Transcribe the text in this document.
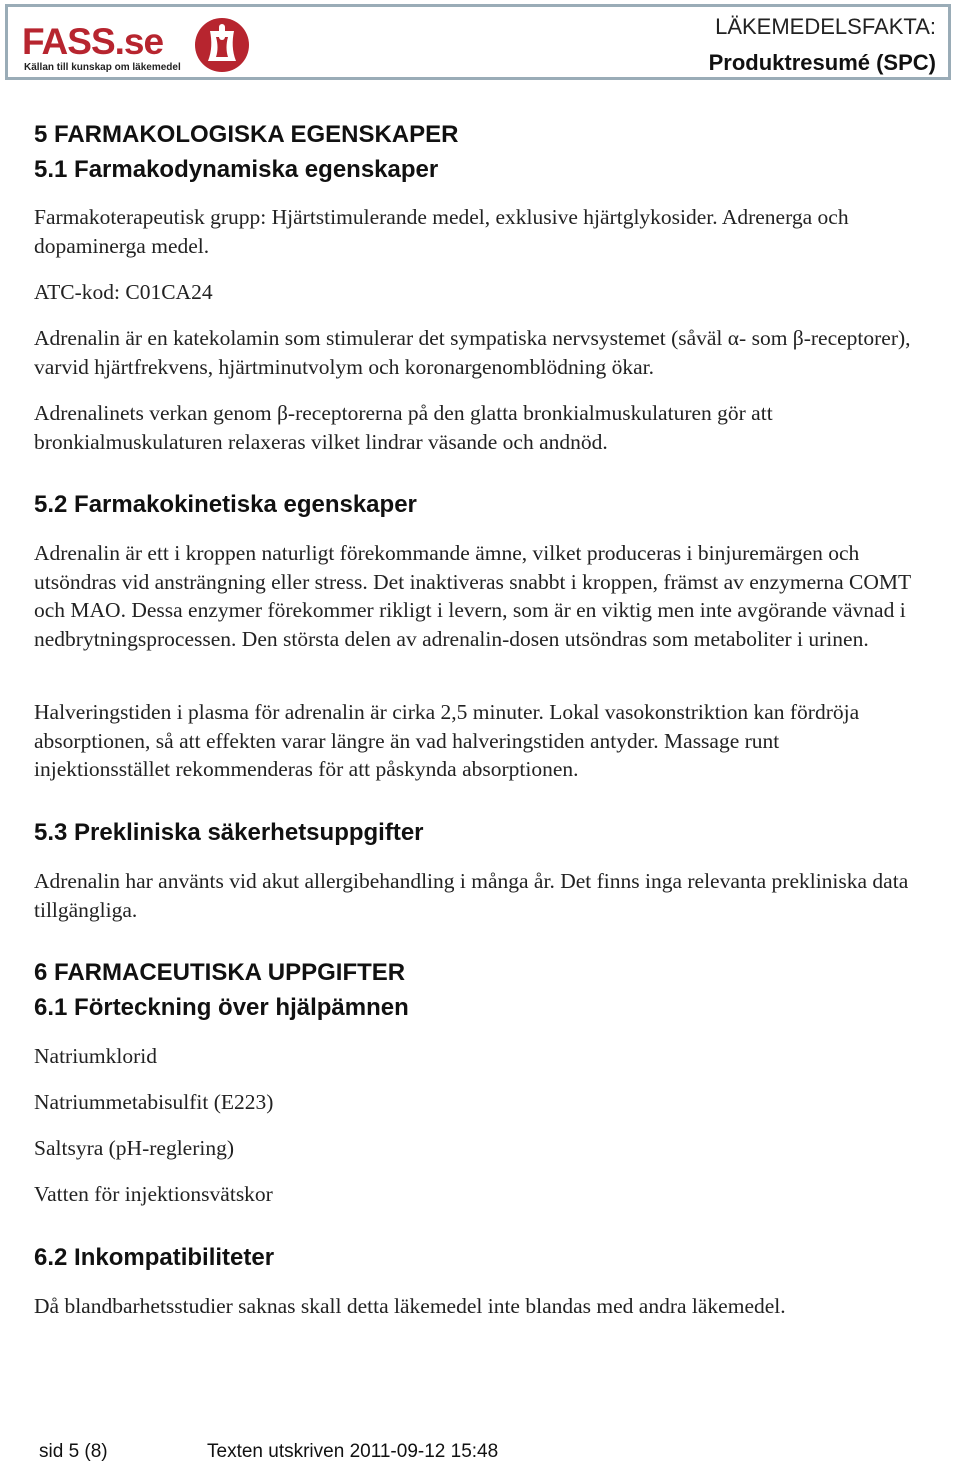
FASS.se
Källan till kunskap om läkemedel
LÄKEMEDELSFAKTA:
Produktresumé (SPC)
5 FARMAKOLOGISKA EGENSKAPER
5.1 Farmakodynamiska egenskaper

Farmakoterapeutisk grupp: Hjärtstimulerande medel, exklusive hjärtglykosider. Adrenerga och dopaminerga medel.

ATC-kod: C01CA24

Adrenalin är en katekolamin som stimulerar det sympatiska nervsystemet (såväl α- som β-receptorer), varvid hjärtfrekvens, hjärtminutvolym och koronargenomblödning ökar.

Adrenalinets verkan genom β-receptorerna på den glatta bronkialmuskulaturen gör att bronkialmuskulaturen relaxeras vilket lindrar väsande och andnöd.

5.2 Farmakokinetiska egenskaper

Adrenalin är ett i kroppen naturligt förekommande ämne, vilket produceras i binjuremärgen och utsöndras vid ansträngning eller stress. Det inaktiveras snabbt i kroppen, främst av enzymerna COMT och MAO. Dessa enzymer förekommer rikligt i levern, som är en viktig men inte avgörande vävnad i nedbrytningsprocessen. Den största delen av adrenalin-dosen utsöndras som metaboliter i urinen.

Halveringstiden i plasma för adrenalin är cirka 2,5 minuter. Lokal vasokonstriktion kan fördröja absorptionen, så att effekten varar längre än vad halveringstiden antyder. Massage runt injektionsstället rekommenderas för att påskynda absorptionen.

5.3 Prekliniska säkerhetsuppgifter

Adrenalin har använts vid akut allergibehandling i många år. Det finns inga relevanta prekliniska data tillgängliga.

6 FARMACEUTISKA UPPGIFTER
6.1 Förteckning över hjälpämnen

Natriumklorid

Natriummetabisulfit (E223)

Saltsyra (pH-reglering)

Vatten för injektionsvätskor

6.2 Inkompatibiliteter

Då blandbarhetsstudier saknas skall detta läkemedel inte blandas med andra läkemedel.

sid 5 (8)	Texten utskriven 2011-09-12 15:48
